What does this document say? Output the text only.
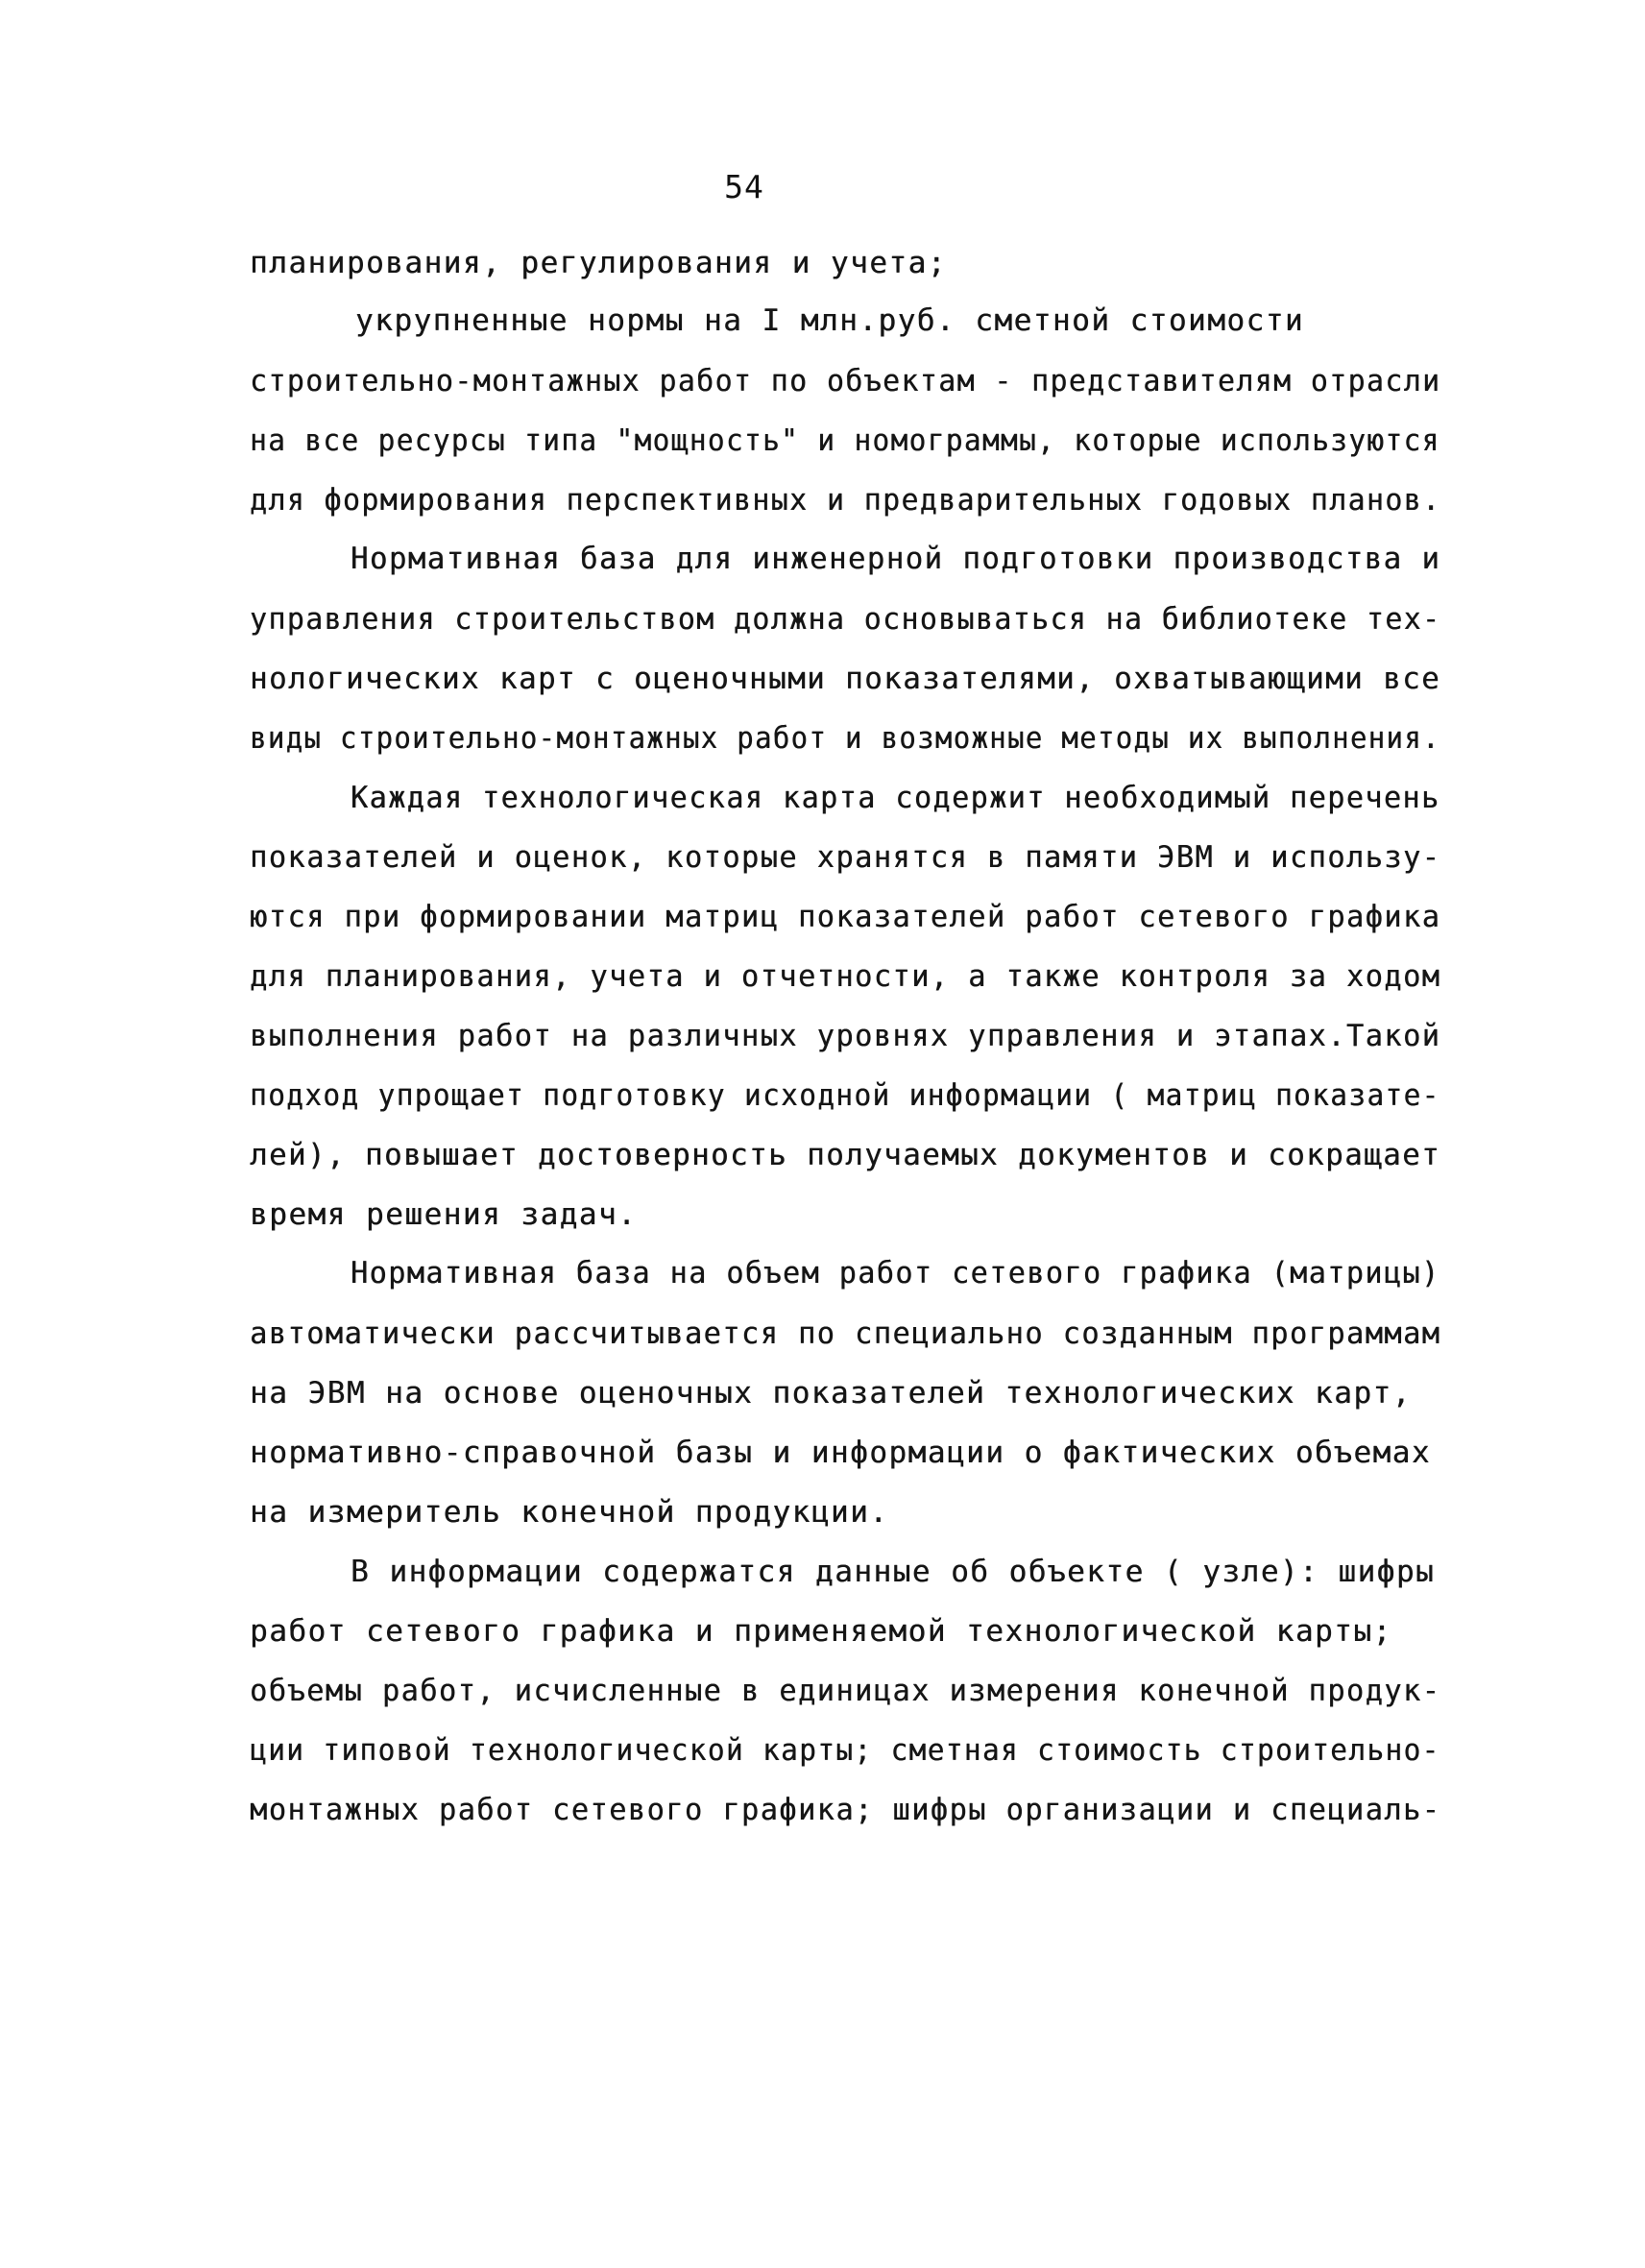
54
планирования, регулирования и учета;
укрупненные нормы на I млн.руб. сметной стоимости
строительно-монтажных работ по объектам - представителям отрасли
на все ресурсы типа "мощность" и номограммы, которые используются
для формирования перспективных и предварительных годовых планов.
Нормативная база для инженерной подготовки производства и
управления строительством должна основываться на библиотеке тех-
нологических карт с оценочными показателями, охватывающими все
виды строительно-монтажных работ и возможные методы их выполнения.
Каждая технологическая карта содержит необходимый перечень
показателей и оценок, которые хранятся в памяти ЭВМ и использу-
ются при формировании матриц показателей работ сетевого графика
для планирования, учета и отчетности, а также контроля за ходом
выполнения работ на различных уровнях управления и этапах.Такой
подход упрощает подготовку исходной информации ( матриц показате-
лей), повышает достоверность получаемых документов и сокращает
время решения задач.
Нормативная база на объем работ сетевого графика (матрицы)
автоматически рассчитывается по специально созданным программам
на ЭВМ на основе оценочных показателей технологических карт,
нормативно-справочной базы и информации о фактических объемах
на измеритель конечной продукции.
В информации содержатся данные об объекте ( узле): шифры
работ сетевого графика и применяемой технологической карты;
объемы работ, исчисленные в единицах измерения конечной продук-
ции типовой технологической карты; сметная стоимость строительно-
монтажных работ сетевого графика; шифры организации и специаль-
